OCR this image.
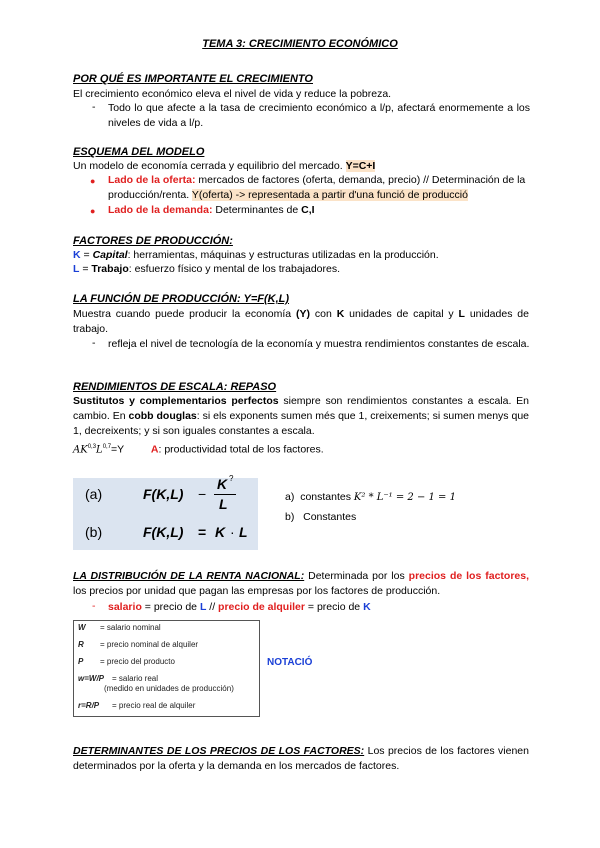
TEMA 3: CRECIMIENTO ECONÓMICO
POR QUÉ ES IMPORTANTE EL CRECIMIENTO
El crecimiento económico eleva el nivel de vida y reduce la pobreza.
- Todo lo que afecte a la tasa de crecimiento económico a l/p, afectará enormemente a los niveles de vida a l/p.
ESQUEMA DEL MODELO
Un modelo de economía cerrada y equilibrio del mercado. Y=C+I
● Lado de la oferta: mercados de factores (oferta, demanda, precio) // Determinación de la producción/renta. Y(oferta) -> representada a partir d'una funció de producció
● Lado de la demanda: Determinantes de C,I
FACTORES DE PRODUCCIÓN:
K = Capital: herramientas, máquinas y estructuras utilizadas en la producción.
L = Trabajo: esfuerzo físico y mental de los trabajadores.
LA FUNCIÓN DE PRODUCCIÓN: Y=F(K,L)
Muestra cuando puede producir la economía (Y) con K unidades de capital y L unidades de trabajo.
- refleja el nivel de tecnología de la economía y muestra rendimientos constantes de escala.
RENDIMIENTOS DE ESCALA: REPASO
Sustitutos y complementarios perfectos siempre son rendimientos constantes a escala. En cambio. En cobb douglas: si els exponents sumen més que 1, creixements; si sumen menys que 1, decreixents; y si son iguales constantes a escala.
$AK^{0,3}L^{0,7}=Y$	A: productividad total de los factores.
(a)	F(K,L) −
K ?
L
(b)	F(K,L) = K · L
a) constantes K² * L⁻¹ = 2 − 1 = 1
b) Constantes
LA DISTRIBUCIÓN DE LA RENTA NACIONAL: Determinada por los precios de los factores, los precios por unidad que pagan las empresas por los factores de producción.
- salario = precio de L // precio de alquiler = precio de K
W = salario nominal
R = precio nominal de alquiler
P = precio del producto
w=W/P = salario real
(medido en unidades de producción)
r=R/P = precio real de alquiler
NOTACIÓ
DETERMINANTES DE LOS PRECIOS DE LOS FACTORES: Los precios de los factores vienen determinados por la oferta y la demanda en los mercados de factores.
